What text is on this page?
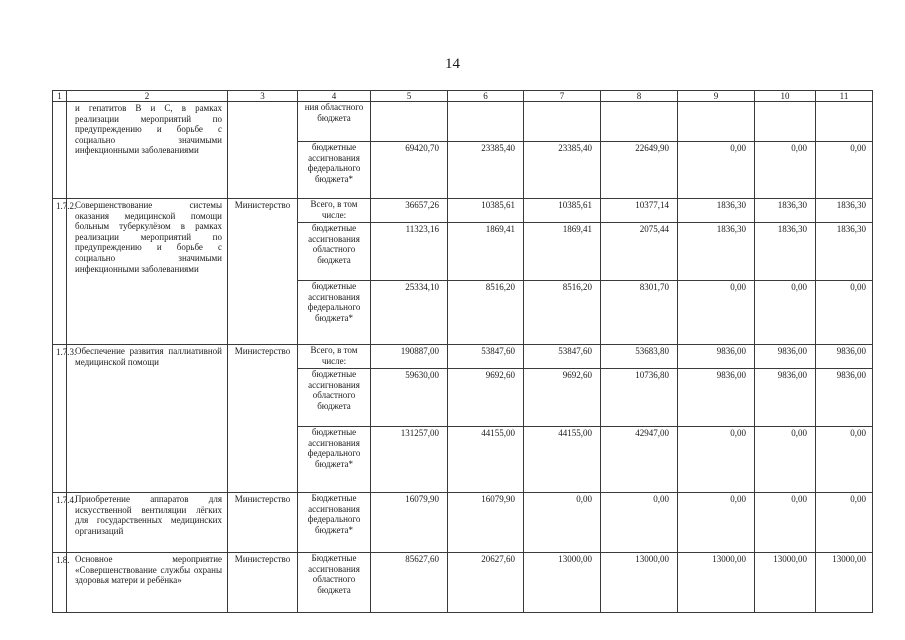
14
1	2	3	4	5	6	7	8	9	10	11
	и гепатитов В и С, в рамках реализации мероприятий по предупреждению и борьбе с социально значимыми инфекционными заболеваниями		ния областного бюджета							
			бюджетные ассигнования федерального бюджета*	69420,70	23385,40	23385,40	22649,90	0,00	0,00	0,00
1.7.2.	Совершенствование системы оказания медицинской помощи больным туберкулёзом в рамках реализации мероприятий по предупреждению и борьбе с социально значимыми инфекционными заболеваниями	Министерство	Всего, в том числе:	36657,26	10385,61	10385,61	10377,14	1836,30	1836,30	1836,30
			бюджетные ассигнования областного бюджета	11323,16	1869,41	1869,41	2075,44	1836,30	1836,30	1836,30
			бюджетные ассигнования федерального бюджета*	25334,10	8516,20	8516,20	8301,70	0,00	0,00	0,00
1.7.3.	Обеспечение развития паллиативной медицинской помощи	Министерство	Всего, в том числе:	190887,00	53847,60	53847,60	53683,80	9836,00	9836,00	9836,00
			бюджетные ассигнования областного бюджета	59630,00	9692,60	9692,60	10736,80	9836,00	9836,00	9836,00
			бюджетные ассигнования федерального бюджета*	131257,00	44155,00	44155,00	42947,00	0,00	0,00	0,00
1.7.4.	Приобретение аппаратов для искусственной вентиляции лёгких для государственных медицинских организаций	Министерство	Бюджетные ассигнования федерального бюджета*	16079,90	16079,90	0,00	0,00	0,00	0,00	0,00
1.8.	Основное мероприятие «Совершенствование службы охраны здоровья матери и ребёнка»	Министерство	Бюджетные ассигнования областного бюджета	85627,60	20627,60	13000,00	13000,00	13000,00	13000,00	13000,00
